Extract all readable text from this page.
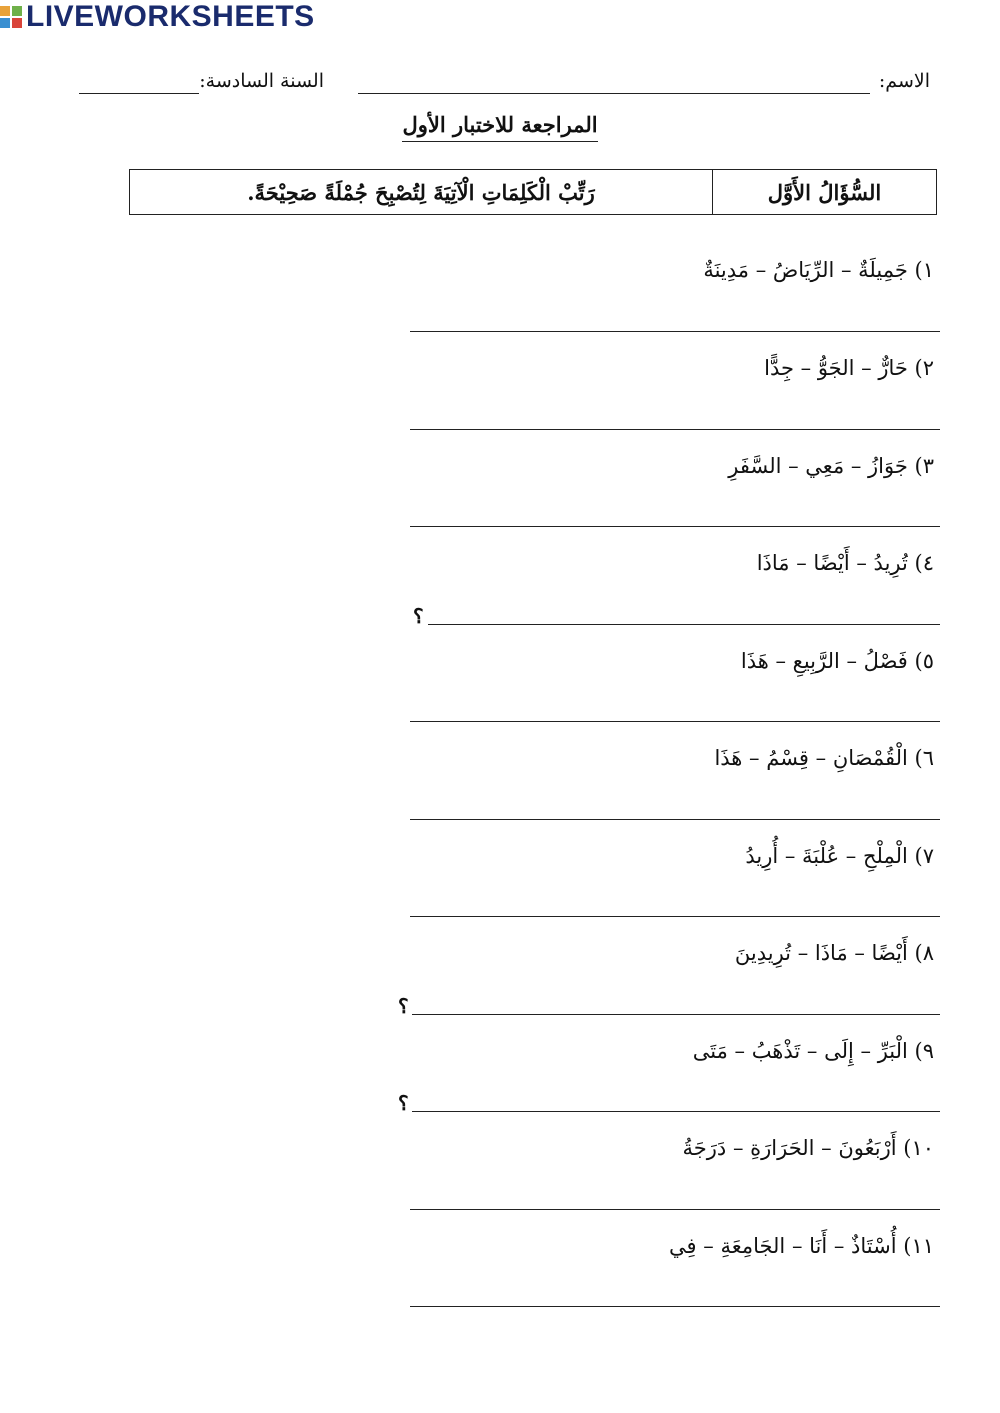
الاسم:
السنة السادسة:
المراجعة للاختبار الأول
السُّؤَالُ الأَوَّل
رَتِّبْ الْكَلِمَاتِ الْآتِيَةَ لِتُصْبِحَ جُمْلَةً صَحِيْحَةً.
١) جَمِيلَةٌ – الرِّيَاضُ – مَدِينَةٌ
٢) حَارٌّ – الجَوُّ – جِدًّا
٣) جَوَازُ – مَعِي – السَّفَرِ
٤) تُرِيدُ – أَيْضًا – مَاذَا
؟
٥) فَصْلُ – الرَّبِيعِ – هَذَا
٦) الْقُمْصَانِ – قِسْمُ – هَذَا
٧) الْمِلْحِ – عُلْبَةَ – أُرِيدُ
٨) أَيْضًا – مَاذَا – تُرِيدِينَ
؟
٩) الْبَرِّ – إِلَى – تَذْهَبُ – مَتَى
؟
١٠) أَرْبَعُونَ – الحَرَارَةِ – دَرَجَةُ
١١) أُسْتَاذٌ – أَنَا – الجَامِعَةِ – فِي
LIVEWORKSHEETS
